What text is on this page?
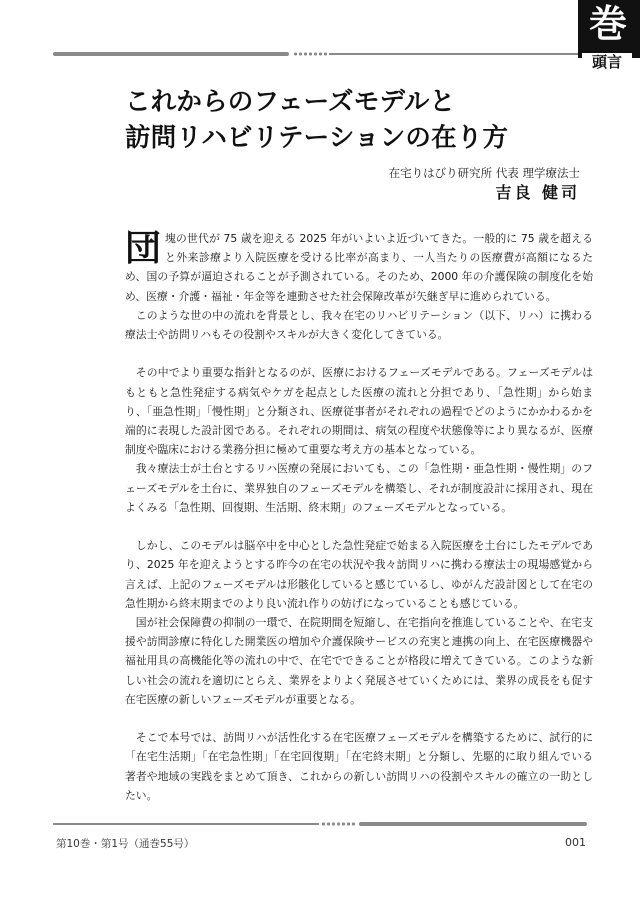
巻
頭言
これからのフェーズモデルと
訪問リハビリテーションの在り方
在宅りはびり研究所 代表 理学療法士
吉良 健司

団塊の世代が 75 歳を迎える 2025 年がいよいよ近づいてきた。一般的に 75 歳を超えると外来診療より入院医療を受ける比率が高まり、一人当たりの医療費が高額になるため、国の予算が逼迫されることが予測されている。そのため、2000 年の介護保険の制度化を始め、医療・介護・福祉・年金等を連動させた社会保障改革が矢継ぎ早に進められている。

このような世の中の流れを背景とし、我々在宅のリハビリテーション（以下、リハ）に携わる療法士や訪問リハもその役割やスキルが大きく変化してきている。

その中でより重要な指針となるのが、医療におけるフェーズモデルである。フェーズモデルはもともと急性発症する病気やケガを起点とした医療の流れと分担であり、「急性期」から始まり、「亜急性期」「慢性期」と分類され、医療従事者がそれぞれの過程でどのようにかかわるかを端的に表現した設計図である。それぞれの期間は、病気の程度や状態像等により異なるが、医療制度や臨床における業務分担に極めて重要な考え方の基本となっている。

我々療法士が土台とするリハ医療の発展においても、この「急性期・亜急性期・慢性期」のフェーズモデルを土台に、業界独自のフェーズモデルを構築し、それが制度設計に採用され、現在よくみる「急性期、回復期、生活期、終末期」のフェーズモデルとなっている。

しかし、このモデルは脳卒中を中心とした急性発症で始まる入院医療を土台にしたモデルであり、2025 年を迎えようとする昨今の在宅の状況や我々訪問リハに携わる療法士の現場感覚から言えば、上記のフェーズモデルは形骸化していると感じているし、ゆがんだ設計図として在宅の急性期から終末期までのより良い流れ作りの妨げになっていることも感じている。

国が社会保障費の抑制の一環で、在院期間を短縮し、在宅指向を推進していることや、在宅支援や訪問診療に特化した開業医の増加や介護保険サービスの充実と連携の向上、在宅医療機器や福祉用具の高機能化等の流れの中で、在宅でできることが格段に増えてきている。このような新しい社会の流れを適切にとらえ、業界をよりよく発展させていくためには、業界の成長をも促す在宅医療の新しいフェーズモデルが重要となる。

そこで本号では、訪問リハが活性化する在宅医療フェーズモデルを構築するために、試行的に「在宅生活期」「在宅急性期」「在宅回復期」「在宅終末期」と分類し、先駆的に取り組んでいる著者や地域の実践をまとめて頂き、これからの新しい訪問リハの役割やスキルの確立の一助としたい。

第10巻・第1号（通巻55号）	001
